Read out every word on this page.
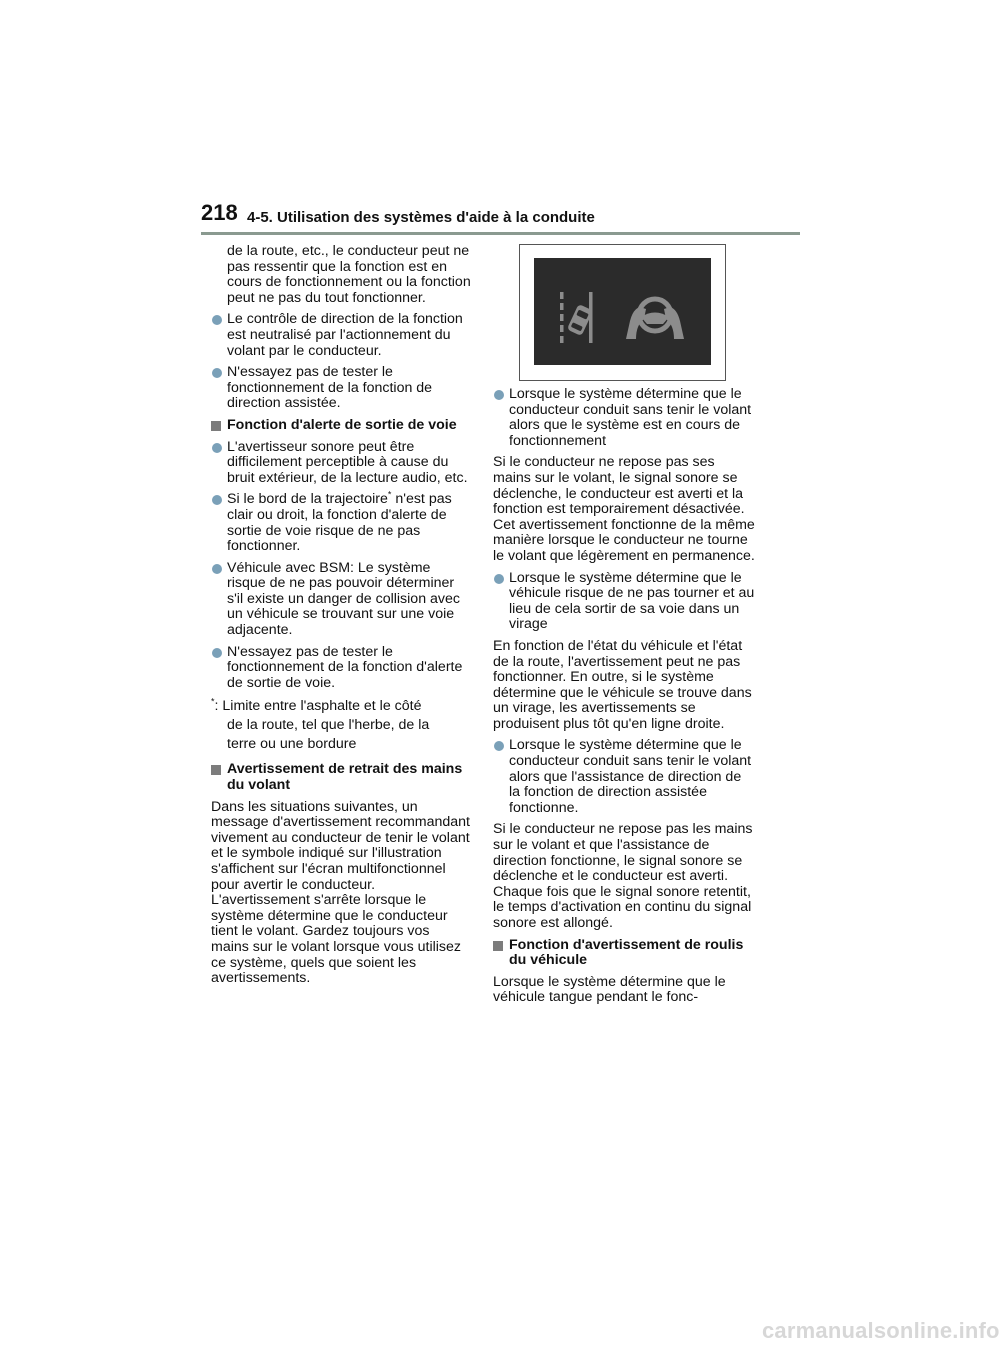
218 4-5. Utilisation des systèmes d'aide à la conduite

de la route, etc., le conducteur peut ne pas ressentir que la fonction est en cours de fonctionnement ou la fonction peut ne pas du tout fonctionner.

Le contrôle de direction de la fonction est neutralisé par l'actionnement du volant par le conducteur.
N'essayez pas de tester le fonctionnement de la fonction de direction assistée.
Fonction d'alerte de sortie de voie
L'avertisseur sonore peut être difficilement perceptible à cause du bruit extérieur, de la lecture audio, etc.
Si le bord de la trajectoire* n'est pas clair ou droit, la fonction d'alerte de sortie de voie risque de ne pas fonctionner.
Véhicule avec BSM: Le système risque de ne pas pouvoir déterminer s'il existe un danger de collision avec un véhicule se trouvant sur une voie adjacente.
N'essayez pas de tester le fonctionnement de la fonction d'alerte de sortie de voie.
*: Limite entre l'asphalte et le côté
de la route, tel que l'herbe, de la
terre ou une bordure
Avertissement de retrait des mains du volant

Dans les situations suivantes, un message d'avertissement recommandant vivement au conducteur de tenir le volant et le symbole indiqué sur l'illustration s'affichent sur l'écran multifonctionnel pour avertir le conducteur. L'avertissement s'arrête lorsque le système détermine que le conducteur tient le volant. Gardez toujours vos mains sur le volant lorsque vous utilisez ce système, quels que soient les avertissements.

Lorsque le système détermine que le conducteur conduit sans tenir le volant alors que le système est en cours de fonctionnement

Si le conducteur ne repose pas ses mains sur le volant, le signal sonore se déclenche, le conducteur est averti et la fonction est temporairement désactivée. Cet avertissement fonctionne de la même manière lorsque le conducteur ne tourne le volant que légèrement en permanence.

Lorsque le système détermine que le véhicule risque de ne pas tourner et au lieu de cela sortir de sa voie dans un virage

En fonction de l'état du véhicule et l'état de la route, l'avertissement peut ne pas fonctionner. En outre, si le système détermine que le véhicule se trouve dans un virage, les avertissements se produisent plus tôt qu'en ligne droite.

Lorsque le système détermine que le conducteur conduit sans tenir le volant alors que l'assistance de direction de la fonction de direction assistée fonctionne.

Si le conducteur ne repose pas les mains sur le volant et que l'assistance de direction fonctionne, le signal sonore se déclenche et le conducteur est averti. Chaque fois que le signal sonore retentit, le temps d'activation en continu du signal sonore est allongé.

Fonction d'avertissement de roulis du véhicule

Lorsque le système détermine que le véhicule tangue pendant le fonc-

carmanualsonline.info
